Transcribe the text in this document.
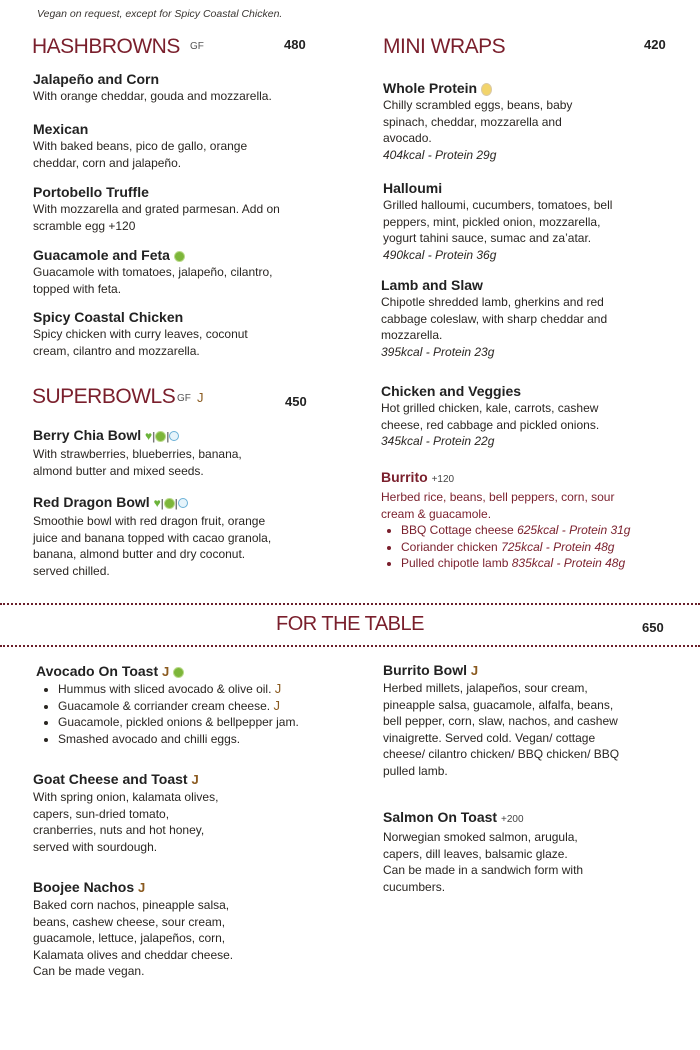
Vegan on request, except for Spicy Coastal Chicken.
HASHBROWNS GF	480
Jalapeño and Corn
With orange cheddar, gouda and mozzarella.
Mexican
With baked beans, pico de gallo, orange cheddar, corn and jalapeño.
Portobello Truffle
With mozzarella and grated parmesan. Add on scramble egg +120
Guacamole and Feta
Guacamole with tomatoes, jalapeño, cilantro, topped with feta.
Spicy Coastal Chicken
Spicy chicken with curry leaves, coconut cream, cilantro and mozzarella.
SUPERBOWLS GF J	450
Berry Chia Bowl ♥| |
With strawberries, blueberries, banana, almond butter and mixed seeds.
Red Dragon Bowl ♥| |
Smoothie bowl with red dragon fruit, orange juice and banana topped with cacao granola, banana, almond butter and dry coconut. served chilled.
MINI WRAPS	420
Whole Protein
Chilly scrambled eggs, beans, baby spinach, cheddar, mozzarella and avocado.
404kcal - Protein 29g
Halloumi
Grilled halloumi, cucumbers, tomatoes, bell peppers, mint, pickled onion, mozzarella, yogurt tahini sauce, sumac and za’atar.
490kcal - Protein 36g
Lamb and Slaw
Chipotle shredded lamb, gherkins and red cabbage coleslaw, with sharp cheddar and mozzarella.
395kcal - Protein 23g
Chicken and Veggies
Hot grilled chicken, kale, carrots, cashew cheese, red cabbage and pickled onions.
345kcal - Protein 22g
Burrito +120
Herbed rice, beans, bell peppers, corn, sour cream & guacamole.
• BBQ Cottage cheese 625kcal - Protein 31g
• Coriander chicken 725kcal - Protein 48g
• Pulled chipotle lamb 835kcal - Protein 48g
FOR THE TABLE	650
Avocado On Toast J
• Hummus with sliced avocado & olive oil. J
• Guacamole & corriander cream cheese. J
• Guacamole, pickled onions & bellpepper jam.
• Smashed avocado and chilli eggs.
Goat Cheese and Toast J
With spring onion, kalamata olives, capers, sun-dried tomato, cranberries, nuts and hot honey, served with sourdough.
Boojee Nachos J
Baked corn nachos, pineapple salsa, beans, cashew cheese, sour cream, guacamole, lettuce, jalapeños, corn, Kalamata olives and cheddar cheese. Can be made vegan.
Burrito Bowl J
Herbed millets, jalapeños, sour cream, pineapple salsa, guacamole, alfalfa, beans, bell pepper, corn, slaw, nachos, and cashew vinaigrette. Served cold. Vegan/ cottage cheese/ cilantro chicken/ BBQ chicken/ BBQ pulled lamb.
Salmon On Toast +200
Norwegian smoked salmon, arugula, capers, dill leaves, balsamic glaze. Can be made in a sandwich form with cucumbers.
